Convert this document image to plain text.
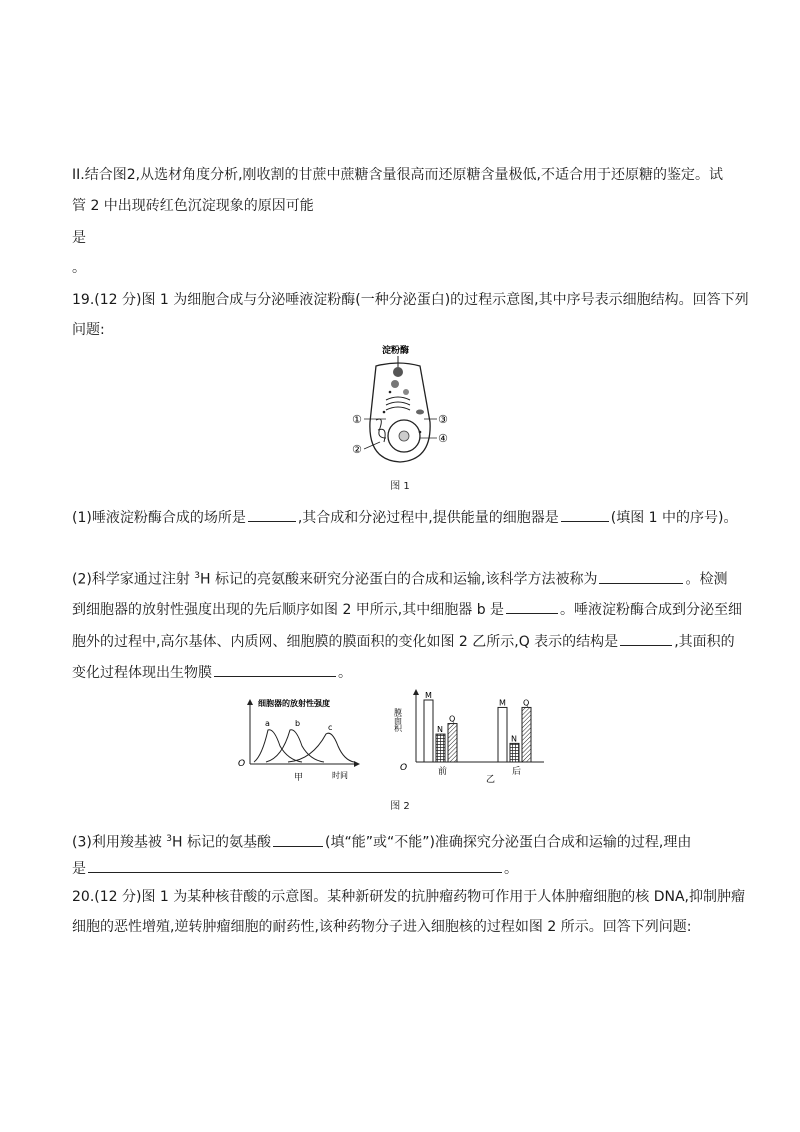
II.结合图2,从选材角度分析,刚收割的甘蔗中蔗糖含量很高而还原糖含量极低,不适合用于还原糖的鉴定。试
管 2 中出现砖红色沉淀现象的原因可能
是
。
19.(12 分)图 1 为细胞合成与分泌唾液淀粉酶(一种分泌蛋白)的过程示意图,其中序号表示细胞结构。回答下列
问题:
淀粉酶
①
②
③
④
图 1
(1)唾液淀粉酶合成的场所是	,其合成和分泌过程中,提供能量的细胞器是	(填图 1 中的序号)。
(2)科学家通过注射 $^3$H 标记的亮氨酸来研究分泌蛋白的合成和运输,该科学方法被称为	。检测
到细胞器的放射性强度出现的先后顺序如图 2 甲所示,其中细胞器 b 是	。唾液淀粉酶合成到分泌至细
胞外的过程中,高尔基体、内质网、细胞膜的膜面积的变化如图 2 乙所示,Q 表示的结构是	,其面积的
变化过程体现出生物膜	。
细胞器的放射性强度
O
时间
甲
a	b	c	膜面积
O
M
N
Q
M
N
Q
前	后
乙
图 2
(3)利用羧基被 $^3$H 标记的氨基酸	(填“能”或“不能”)准确探究分泌蛋白合成和运输的过程,理由
是	。
20.(12 分)图 1 为某种核苷酸的示意图。某种新研发的抗肿瘤药物可作用于人体肿瘤细胞的核 DNA,抑制肿瘤
细胞的恶性增殖,逆转肿瘤细胞的耐药性,该种药物分子进入细胞核的过程如图 2 所示。回答下列问题:
